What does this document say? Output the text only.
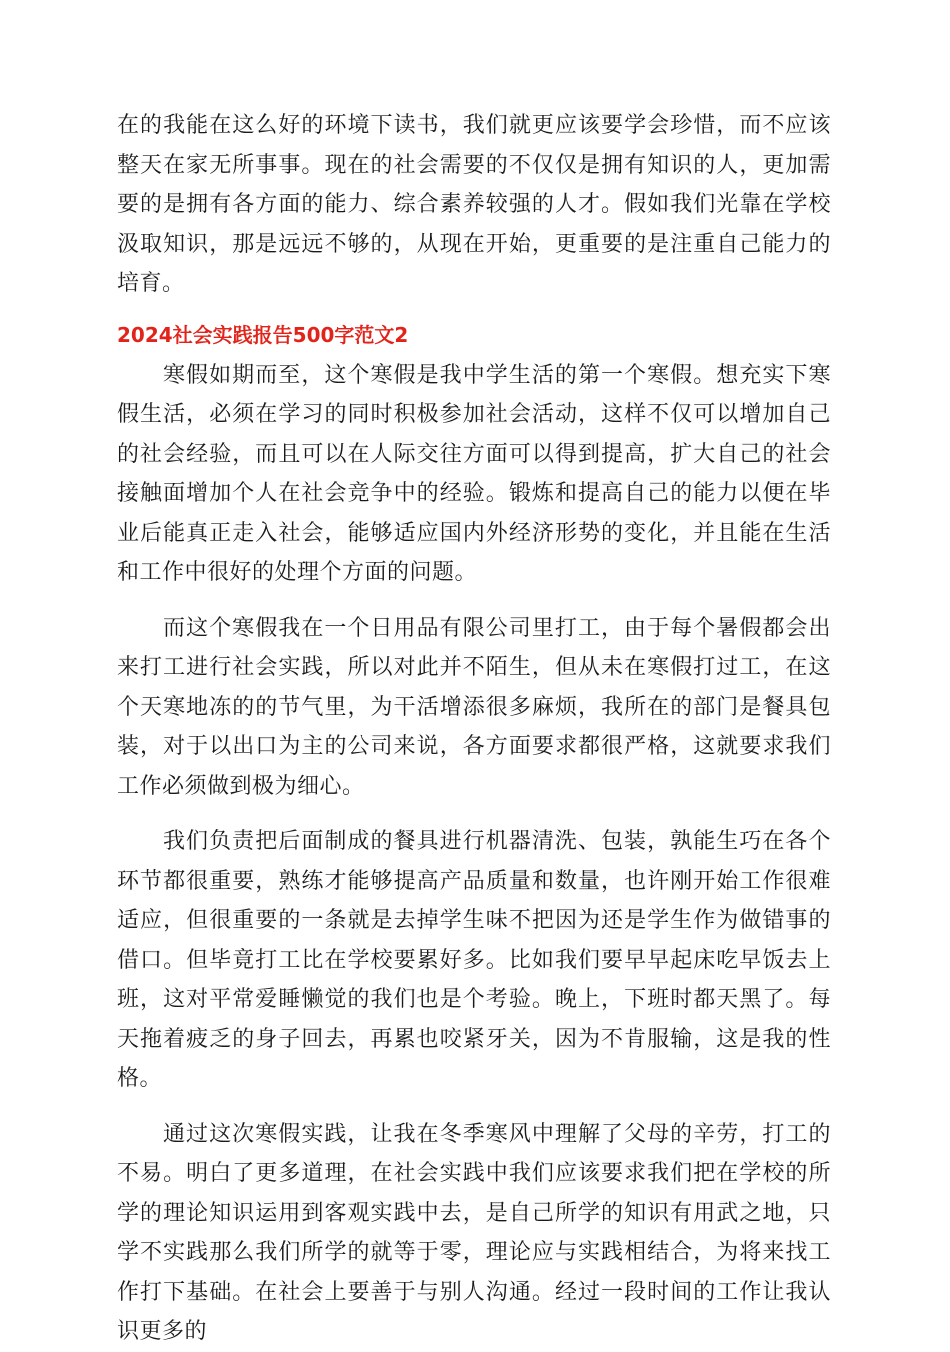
在的我能在这么好的环境下读书，我们就更应该要学会珍惜，而不应该整天在家无所事事。现在的社会需要的不仅仅是拥有知识的人，更加需要的是拥有各方面的能力、综合素养较强的人才。假如我们光靠在学校汲取知识，那是远远不够的，从现在开始，更重要的是注重自己能力的培育。

2024社会实践报告500字范文2

寒假如期而至，这个寒假是我中学生活的第一个寒假。想充实下寒假生活，必须在学习的同时积极参加社会活动，这样不仅可以增加自己的社会经验，而且可以在人际交往方面可以得到提高，扩大自己的社会接触面增加个人在社会竞争中的经验。锻炼和提高自己的能力以便在毕业后能真正走入社会，能够适应国内外经济形势的变化，并且能在生活和工作中很好的处理个方面的问题。

而这个寒假我在一个日用品有限公司里打工，由于每个暑假都会出来打工进行社会实践，所以对此并不陌生，但从未在寒假打过工，在这个天寒地冻的的节气里，为干活增添很多麻烦，我所在的部门是餐具包装，对于以出口为主的公司来说，各方面要求都很严格，这就要求我们工作必须做到极为细心。

我们负责把后面制成的餐具进行机器清洗、包装，孰能生巧在各个环节都很重要，熟练才能够提高产品质量和数量，也许刚开始工作很难适应，但很重要的一条就是去掉学生味不把因为还是学生作为做错事的借口。但毕竟打工比在学校要累好多。比如我们要早早起床吃早饭去上班，这对平常爱睡懒觉的我们也是个考验。晚上，下班时都天黑了。每天拖着疲乏的身子回去，再累也咬紧牙关，因为不肯服输，这是我的性格。

通过这次寒假实践，让我在冬季寒风中理解了父母的辛劳，打工的不易。明白了更多道理，在社会实践中我们应该要求我们把在学校的所学的理论知识运用到客观实践中去，是自己所学的知识有用武之地，只学不实践那么我们所学的就等于零，理论应与实践相结合，为将来找工作打下基础。在社会上要善于与别人沟通。经过一段时间的工作让我认识更多的
